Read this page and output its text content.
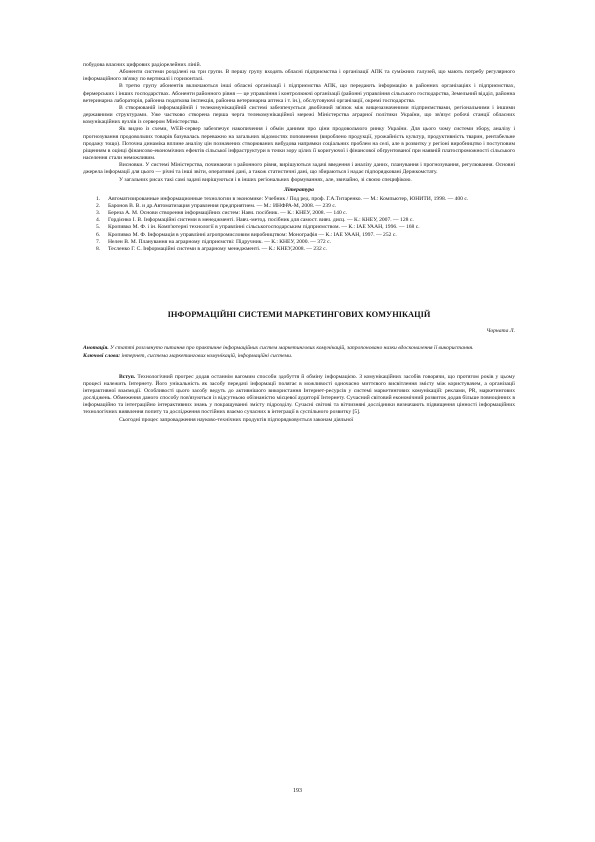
побудова власних цифрових радіорелейних ліній.

Абоненти системи розділені на три групи. В першу групу входять обласні підприємства і організації АПК та суміжних галузей, що мають потребу регулярного інформаційного зв'язку по вертикалі і горизонталі.

В третю групу абонентів включаються інші обласні організації і підприємства АПК, що передають інформацію в районних організаціях і підприємствах, фермерських і інших господарствах. Абоненти районного рівня — це управління і контролюючі організації (районні управління сільського господарства, Земельний відділ, районна ветеринарна лабораторія, районна податкова інспекція, районна ветеринарна аптека і т. ін.), обслуговуючі організації, окремі господарства.

В створюваній інформаційній і телекомунікаційній системі забезпечується двобічний зв'язок між вищезазначеними підприємствами, регіональними і іншими державними структурами. Уже частково створена перша черга телекомунікаційної мережі Міністерства аграрної політики України, що зв'язує робочі станції обласних комунікаційних вузлів із сервером Міністерства.

Як видно із схеми, WEB-сервер забезпечує накопичення і обмін даними про ціни продовольчого ринку України. Для цього чому системи збору, аналізу і прогнозування продовольчих товарів базувалась переважно на загальних відомостях поповнення (вироблено продукції, урожайність культур, продуктивність тварин, рентабельне продажу тощо). Поточна динаміка вплине аналізу цін позначених створюваних вибудова напрямки соціальних проблем на селі, але в розвитку у регіоні виробництво і поступовим ріщенням в оцінці фінансово-економічних ефектів сільської інфраструктури в точки зору цілих її коригуючої і фінансової обґрунтованої при наявній платоспроможності сільського населення стали неможливим.

Висновки. У системі Міністерства, починаючи з районного рівня, вирішуються задачі введення і аналізу даних, планування і прогнозування, регулювання. Основні джерела інформації для цього — річні та інші звіти, оперативні дані, а також статистичні дані, що збираються і надає підпорядковані Держкомстату.

У загальних рисах такі самі задачі вирішуються і в інших регіональних формуваннях, але, звичайно, зі своєю специфікою.

Література
1. Автоматизированные информационные технологии в экономике: Учебник / Под ред. проф. Г.А.Титаренко. — М.: Компьютер, ЮНИТИ, 1998. — 400 с.
2. Баронов В. В. и др.Автоматизация управления предприятием. — М.: ИНФРА-М, 2008. — 239 с.
3. Береза А. М. Основи створення інформаційних систем: Навч. посібник. — К.: КНЕУ, 2008. — 140 с.
4. Гордієнко І. В. Інформаційні системи в менеджменті. Навч.-метод. посібник для самост. вивч. дисц. — К.: КНЕУ, 2007. — 128 с.
5. Кропивко М. Ф. і ін. Комп'ютерні технології в управлінні сільськогосподарським підприємством. — К.: ІАЕ УААН, 1996. — 168 с.
6. Кропивко М. Ф. Інформація в управлінні агропромисловим виробництвом: Монографія — К.: ІАЕ УААН, 1997. — 252 с.
7. Нелен В. М. Планування на аграрному підприємстві: Підручник. — К.: КНЕУ, 2000. — 372 с.
8. Тесленко Г. С. Інформаційні системи в аграрному менеджменті. — К.: КНЕУ,2008. — 232 с.
ІНФОРМАЦІЙНІ СИСТЕМИ МАРКЕТИНГОВИХ КОМУНІКАЦІЙ
Чорната Л.

Анотація. У статті розглянуто питання про практичне інформаційних систем маркетингових комунікацій, запропоновано низки вдосконалення її використання.

Ключові слова: інтернет, система маркетингових комунікацій, інформаційні системи.

Вступ. Технологічний прогрес додав останнім вагомим способи здобуття й обміну інформацією. З комунікаційних засобів говорячи, що протягом років у цьому процесі належить Інтернету. Його унікальність як засобу передачі інформації полягає в можливості одночасно миттєвого висвітлення змісту між користувачем, а організації інтерактивної взаємодії. Особливості цього засобу ведуть до активнішого використання Інтернет-ресурсів у системі маркетингових комунікацій: реклами, PR, маркетингових досліджень. Обмеження даного способу пов'язуються із відсутньою обізнаністю місцевої аудиторії Інтернету. Сучасний світовий економічний розвиток додав більше повноцінних в інформаційно та інтеграційно інтерактивних знань у покращуванні змісту підрозділу. Сучасні світові та вітчизняні дослідники визначають підвищення цінності інформаційних технологічних виявлення попиту та дослідження постійних взаємо сучасних в інтеграції в суспільного розвитку [5].

Сьогодні процес запровадження науково-технічних продуктів підпорядковується законам діяльної

193
